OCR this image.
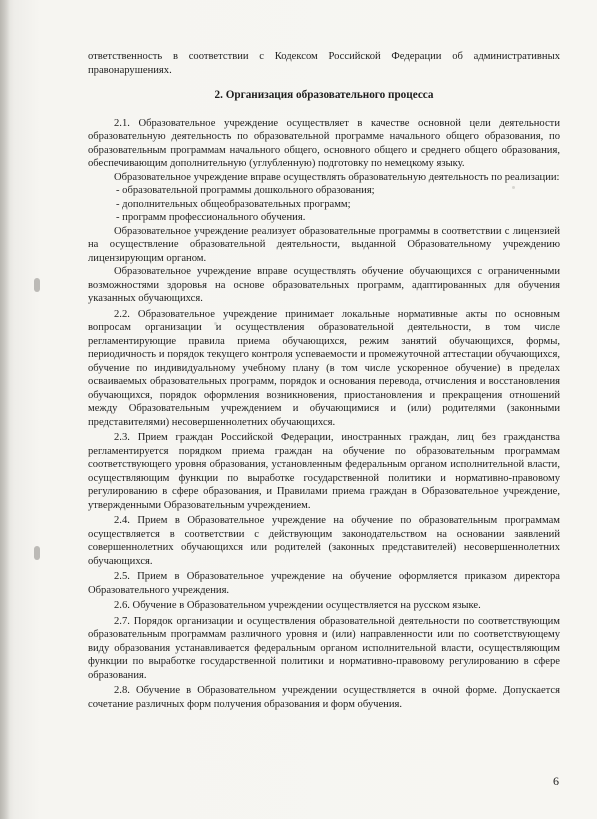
ответственность в соответствии с Кодексом Российской Федерации об административных правонарушениях.

2. Организация образовательного процесса

2.1. Образовательное учреждение осуществляет в качестве основной цели деятельности образовательную деятельность по образовательной программе начального общего образования, по образовательным программам начального общего, основного общего и среднего общего образования, обеспечивающим дополнительную (углубленную) подготовку по немецкому языку.

Образовательное учреждение вправе осуществлять образовательную деятельность по реализации:

- образовательной программы дошкольного образования;

- дополнительных общеобразовательных программ;

- программ профессионального обучения.

Образовательное учреждение реализует образовательные программы в соответствии с лицензией на осуществление образовательной деятельности, выданной Образовательному учреждению лицензирующим органом.

Образовательное учреждение вправе осуществлять обучение обучающихся с ограниченными возможностями здоровья на основе образовательных программ, адаптированных для обучения указанных обучающихся.

2.2. Образовательное учреждение принимает локальные нормативные акты по основным вопросам организации и осуществления образовательной деятельности, в том числе регламентирующие правила приема обучающихся, режим занятий обучающихся, формы, периодичность и порядок текущего контроля успеваемости и промежуточной аттестации обучающихся, обучение по индивидуальному учебному плану (в том числе ускоренное обучение) в пределах осваиваемых образовательных программ, порядок и основания перевода, отчисления и восстановления обучающихся, порядок оформления возникновения, приостановления и прекращения отношений между Образовательным учреждением и обучающимися и (или) родителями (законными представителями) несовершеннолетних обучающихся.

2.3. Прием граждан Российской Федерации, иностранных граждан, лиц без гражданства регламентируется порядком приема граждан на обучение по образовательным программам соответствующего уровня образования, установленным федеральным органом исполнительной власти, осуществляющим функции по выработке государственной политики и нормативно-правовому регулированию в сфере образования, и Правилами приема граждан в Образовательное учреждение, утвержденными Образовательным учреждением.

2.4. Прием в Образовательное учреждение на обучение по образовательным программам осуществляется в соответствии с действующим законодательством на основании заявлений совершеннолетних обучающихся или родителей (законных представителей) несовершеннолетних обучающихся.

2.5. Прием в Образовательное учреждение на обучение оформляется приказом директора Образовательного учреждения.

2.6. Обучение в Образовательном учреждении осуществляется на русском языке.

2.7. Порядок организации и осуществления образовательной деятельности по соответствующим образовательным программам различного уровня и (или) направленности или по соответствующему виду образования устанавливается федеральным органом исполнительной власти, осуществляющим функции по выработке государственной политики и нормативно-правовому регулированию в сфере образования.

2.8. Обучение в Образовательном учреждении осуществляется в очной форме. Допускается сочетание различных форм получения образования и форм обучения.

6
